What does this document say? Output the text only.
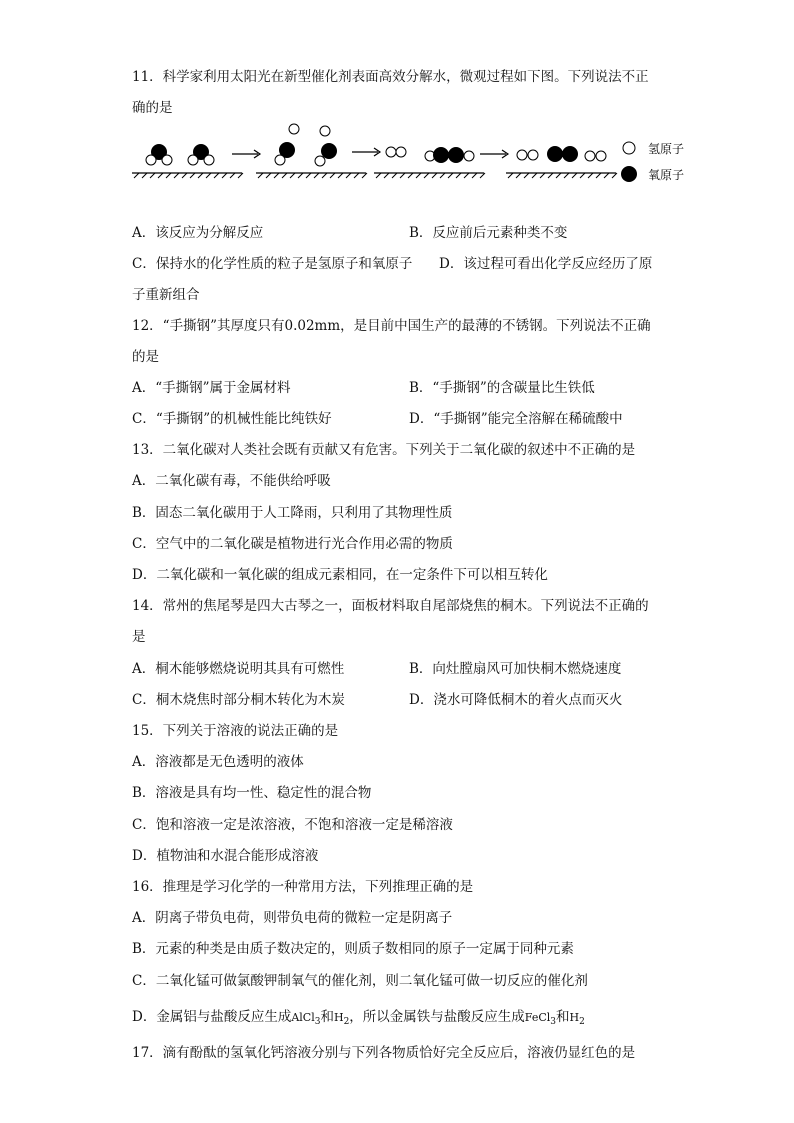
11．科学家利用太阳光在新型催化剂表面高效分解水，微观过程如下图。下列说法不正
确的是
氢原子
氧原子
A．该反应为分解反应	B．反应前后元素种类不变
C．保持水的化学性质的粒子是氢原子和氧原子 D．该过程可看出化学反应经历了原
子重新组合
12．“手撕钢”其厚度只有0.02mm，是目前中国生产的最薄的不锈钢。下列说法不正确
的是
A．“手撕钢”属于金属材料	B．“手撕钢”的含碳量比生铁低
C．“手撕钢”的机械性能比纯铁好	D．“手撕钢”能完全溶解在稀硫酸中
13．二氧化碳对人类社会既有贡献又有危害。下列关于二氧化碳的叙述中不正确的是
A．二氧化碳有毒，不能供给呼吸
B．固态二氧化碳用于人工降雨，只利用了其物理性质
C．空气中的二氧化碳是植物进行光合作用必需的物质
D．二氧化碳和一氧化碳的组成元素相同，在一定条件下可以相互转化
14．常州的焦尾琴是四大古琴之一，面板材料取自尾部烧焦的桐木。下列说法不正确的
是
A．桐木能够燃烧说明其具有可燃性	B．向灶膛扇风可加快桐木燃烧速度
C．桐木烧焦时部分桐木转化为木炭	D．浇水可降低桐木的着火点而灭火
15．下列关于溶液的说法正确的是
A．溶液都是无色透明的液体
B．溶液是具有均一性、稳定性的混合物
C．饱和溶液一定是浓溶液，不饱和溶液一定是稀溶液
D．植物油和水混合能形成溶液
16．推理是学习化学的一种常用方法，下列推理正确的是
A．阴离子带负电荷，则带负电荷的微粒一定是阴离子
B．元素的种类是由质子数决定的，则质子数相同的原子一定属于同种元素
C．二氧化锰可做氯酸钾制氧气的催化剂，则二氧化锰可做一切反应的催化剂
D．金属铝与盐酸反应生成AlCl$_3$和$H_2$，所以金属铁与盐酸反应生成FeCl$_3$和$H_2$
17．滴有酚酞的氢氧化钙溶液分别与下列各物质恰好完全反应后，溶液仍显红色的是
